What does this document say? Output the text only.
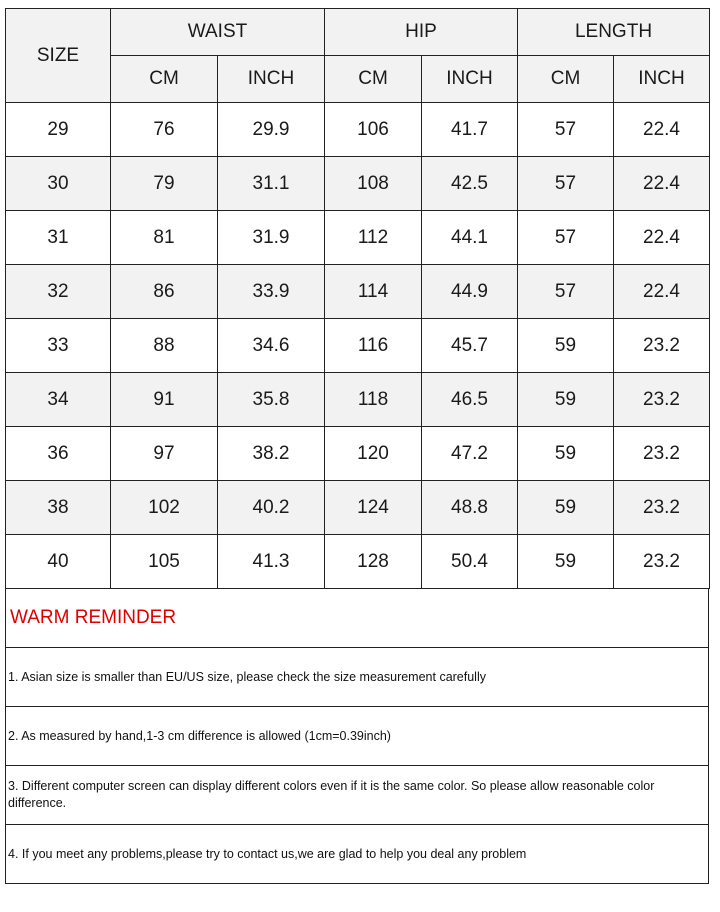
SIZE	WAIST		HIP		LENGTH	
	CM	INCH	CM	INCH	CM	INCH
29	76	29.9	106	41.7	57	22.4
30	79	31.1	108	42.5	57	22.4
31	81	31.9	112	44.1	57	22.4
32	86	33.9	114	44.9	57	22.4
33	88	34.6	116	45.7	59	23.2
34	91	35.8	118	46.5	59	23.2
36	97	38.2	120	47.2	59	23.2
38	102	40.2	124	48.8	59	23.2
40	105	41.3	128	50.4	59	23.2
WARM REMINDER
1. Asian size is smaller than EU/US size, please check the size measurement carefully
2. As measured by hand,1-3 cm difference is allowed (1cm=0.39inch)
3. Different computer screen can display different colors even if it is the same color. So please allow reasonable color difference.
4. If you meet any problems,please try to contact us,we are glad to help you deal any problem
